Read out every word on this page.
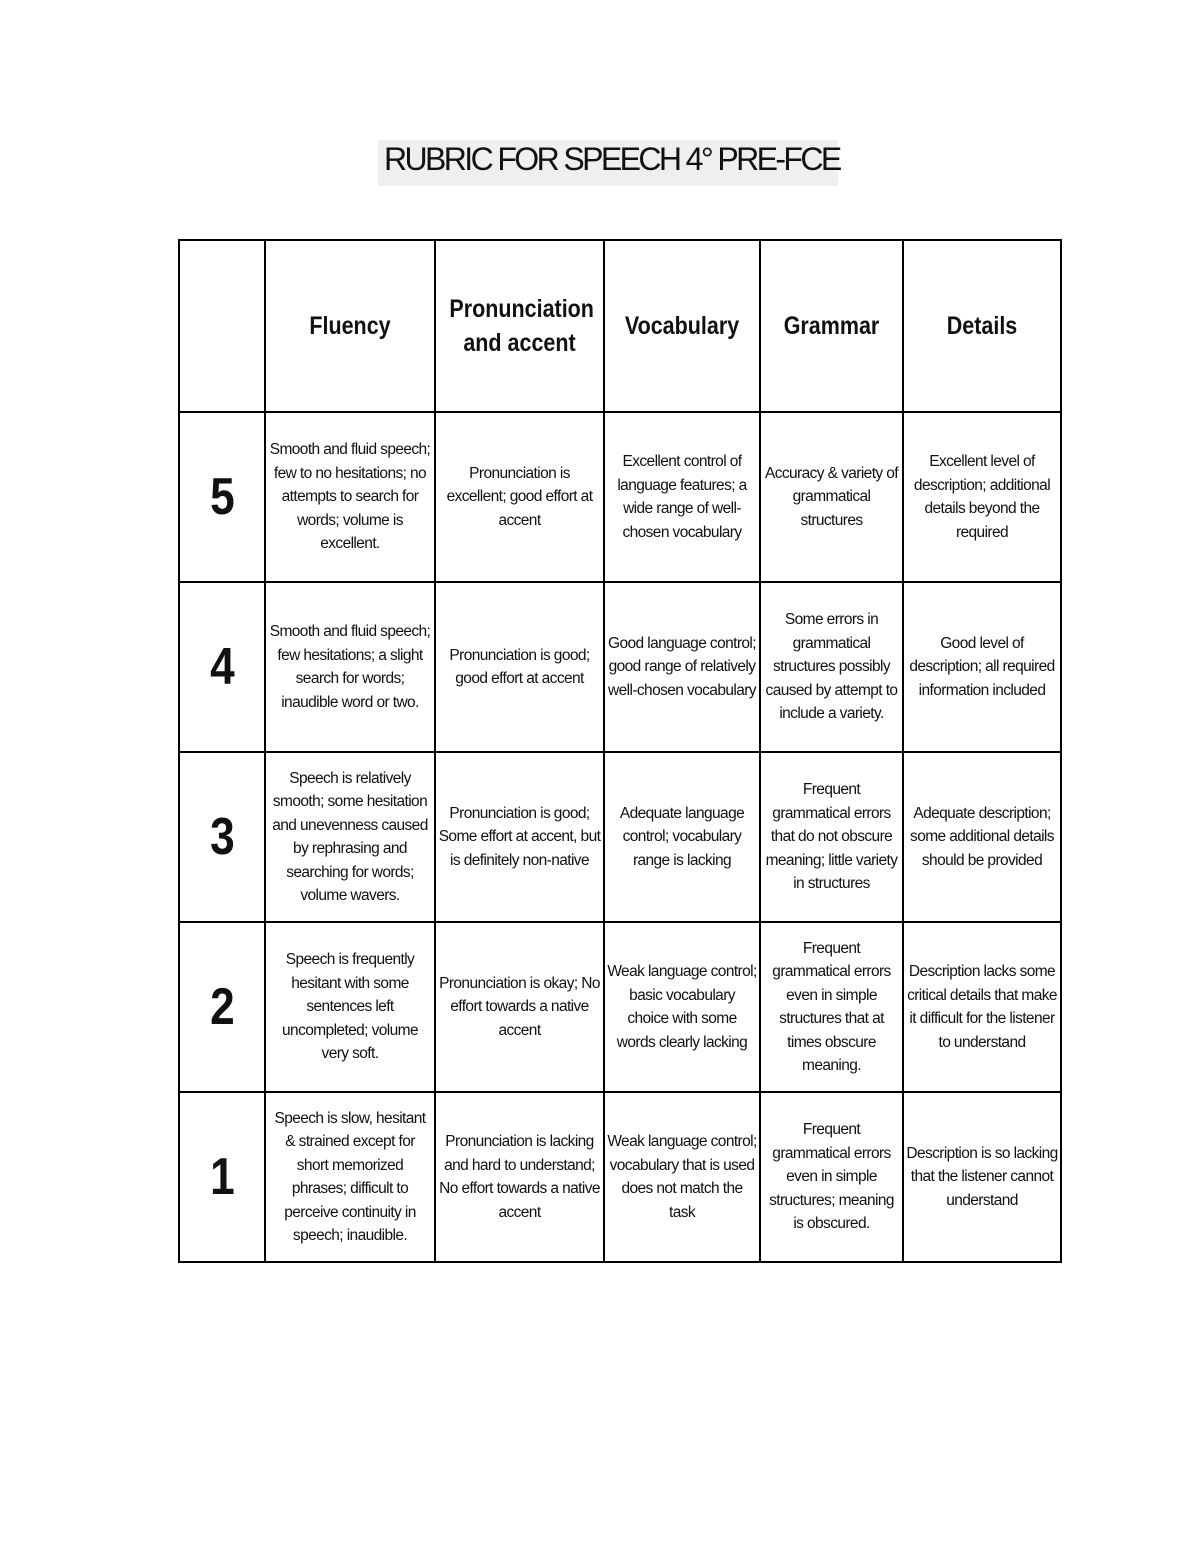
RUBRIC FOR SPEECH 4° PRE-FCE
	Fluency	Pronunciation and accent	Vocabulary	Grammar	Details
5	Smooth and fluid speech; few to no hesitations; no attempts to search for words; volume is excellent.	Pronunciation is excellent; good effort at accent	Excellent control of language features; a wide range of well-chosen vocabulary	Accuracy & variety of grammatical structures	Excellent level of description; additional details beyond the required
4	Smooth and fluid speech; few hesitations; a slight search for words; inaudible word or two.	Pronunciation is good; good effort at accent	Good language control; good range of relatively well-chosen vocabulary	Some errors in grammatical structures possibly caused by attempt to include a variety.	Good level of description; all required information included
3	Speech is relatively smooth; some hesitation and unevenness caused by rephrasing and searching for words; volume wavers.	Pronunciation is good; Some effort at accent, but is definitely non-native	Adequate language control; vocabulary range is lacking	Frequent grammatical errors that do not obscure meaning; little variety in structures	Adequate description; some additional details should be provided
2	Speech is frequently hesitant with some sentences left uncompleted; volume very soft.	Pronunciation is okay; No effort towards a native accent	Weak language control; basic vocabulary choice with some words clearly lacking	Frequent grammatical errors even in simple structures that at times obscure meaning.	Description lacks some critical details that make it difficult for the listener to understand
1	Speech is slow, hesitant & strained except for short memorized phrases; difficult to perceive continuity in speech; inaudible.	Pronunciation is lacking and hard to understand; No effort towards a native accent	Weak language control; vocabulary that is used does not match the task	Frequent grammatical errors even in simple structures; meaning is obscured.	Description is so lacking that the listener cannot understand
